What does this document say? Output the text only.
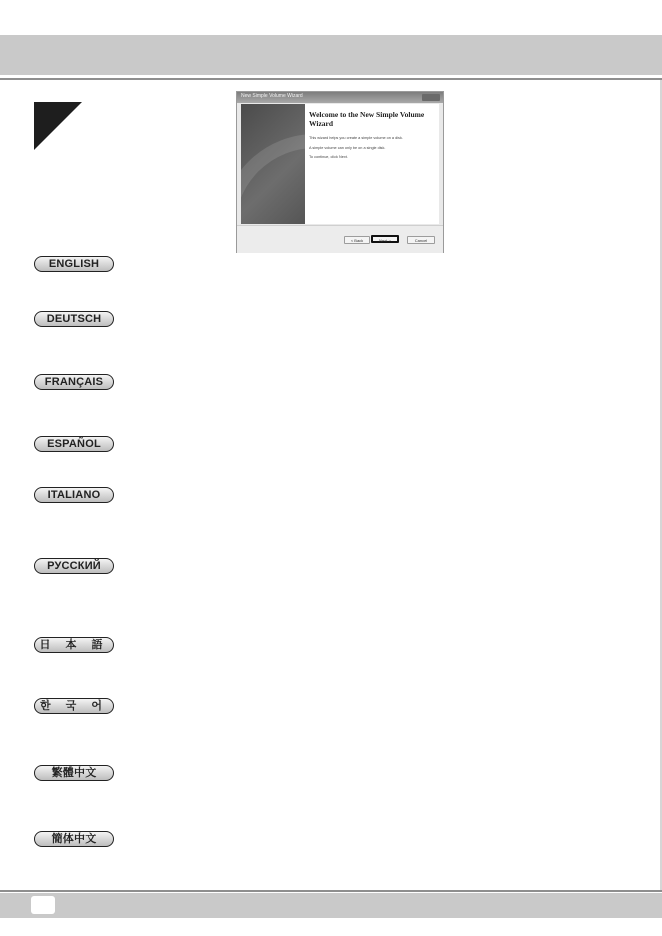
New Simple Volume Wizard
Welcome to the New Simple Volume Wizard
This wizard helps you create a simple volume on a disk.
A simple volume can only be on a single disk.
To continue, click Next.
< Back	Next >	Cancel
ENGLISH
DEUTSCH
FRANÇAIS
ESPAÑOL
ITALIANO
РУССКИЙ
日 本 語
한 국 어
繁體中文
簡体中文
